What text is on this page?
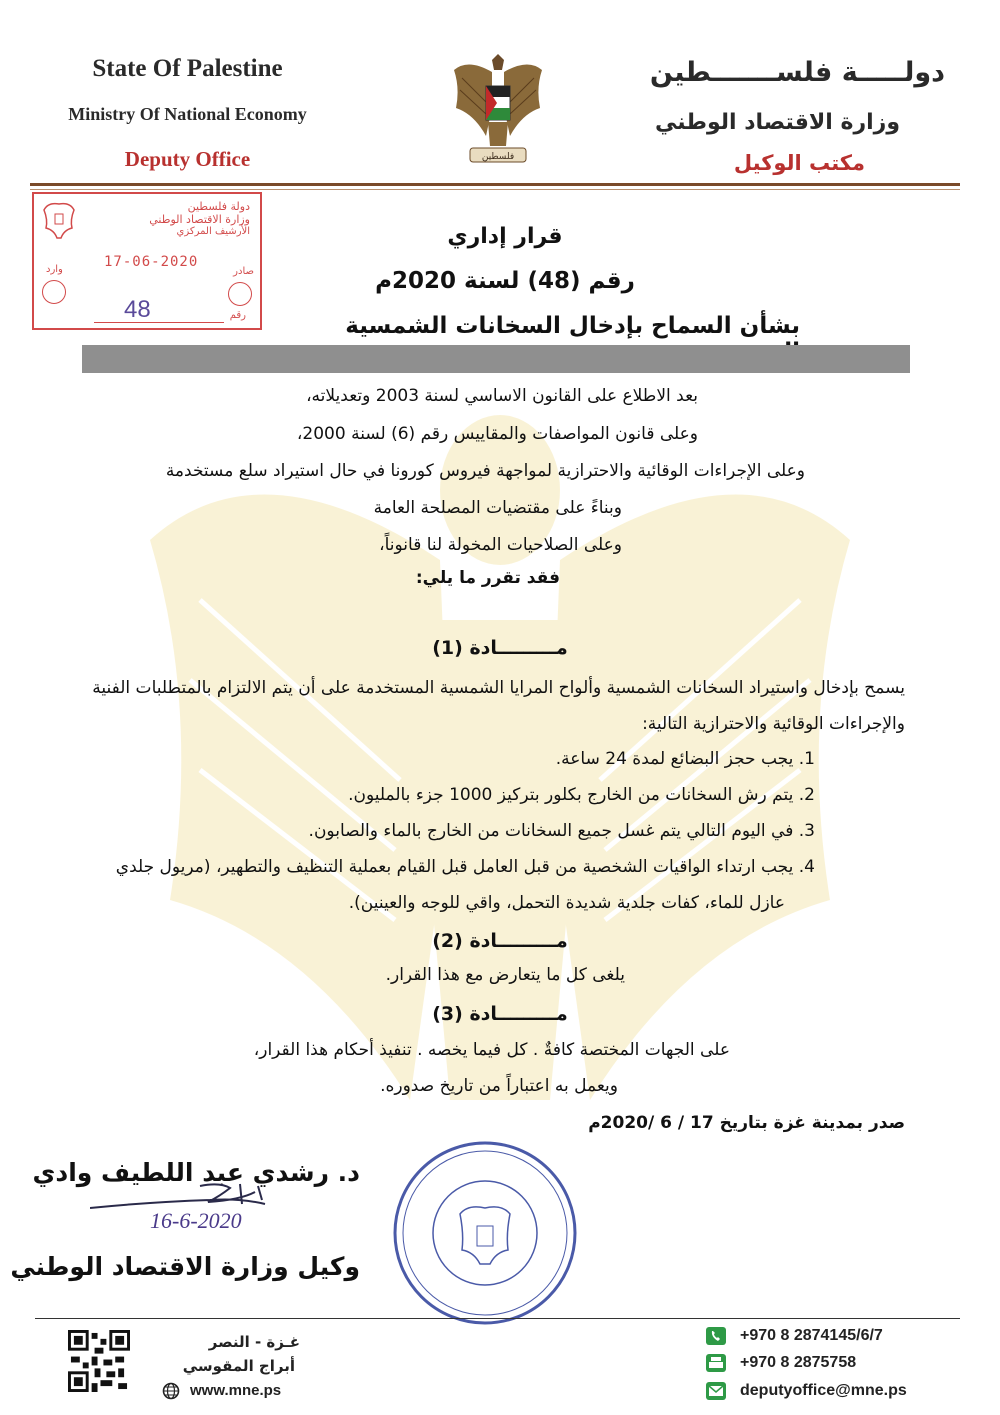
State Of Palestine
Ministry Of National Economy
Deputy Office	فلسطين
دولـــــة فلســـــــطين
وزارة الاقتصاد الوطني
مكتب الوكيل
دولة فلسطين
وزارة الاقتصاد الوطني
الأرشيف المركزي
17-06-2020
وارد	صادر
48	رقم
قرار إداري
رقم (48) لسنة 2020م
بشأن السماح بإدخال السخانات الشمسية
بعد الاطلاع على القانون الاساسي لسنة 2003 وتعديلاته،
وعلى قانون المواصفات والمقاييس رقم (6) لسنة 2000،
وعلى الإجراءات الوقائية والاحترازية لمواجهة فيروس كورونا في حال استيراد سلع مستخدمة
وبناءً على مقتضيات المصلحة العامة
وعلى الصلاحيات المخولة لنا قانوناً،
فقد تقرر ما يلي:
مـــــــــادة (1)
يسمح بإدخال واستيراد السخانات الشمسية وألواح المرايا الشمسية المستخدمة على أن يتم الالتزام بالمتطلبات الفنية
والإجراءات الوقائية والاحترازية التالية:
1. يجب حجز البضائع لمدة 24 ساعة.
2. يتم رش السخانات من الخارج بكلور بتركيز 1000 جزء بالمليون.
3. في اليوم التالي يتم غسل جميع السخانات من الخارج بالماء والصابون.
4. يجب ارتداء الواقيات الشخصية من قبل العامل قبل القيام بعملية التنظيف والتطهير، (مريول جلدي
عازل للماء، كفات جلدية شديدة التحمل، واقي للوجه والعينين).
مـــــــــادة (2)
يلغى كل ما يتعارض مع هذا القرار.
مـــــــــادة (3)
على الجهات المختصة كافةٌ . كل فيما يخصه . تنفيذ أحكام هذا القرار،
ويعمل به اعتباراً من تاريخ صدوره.
صدر بمدينة غزة بتاريخ 17 / 6 /2020م
د. رشدي عبد اللطيف وادي
16-6-2020
وكيل وزارة الاقتصاد الوطني
غـزة - النصر
أبراج المقوسي
www.mne.ps
+970 8 2874145/6/7
+970 8 2875758
deputyoffice@mne.ps
